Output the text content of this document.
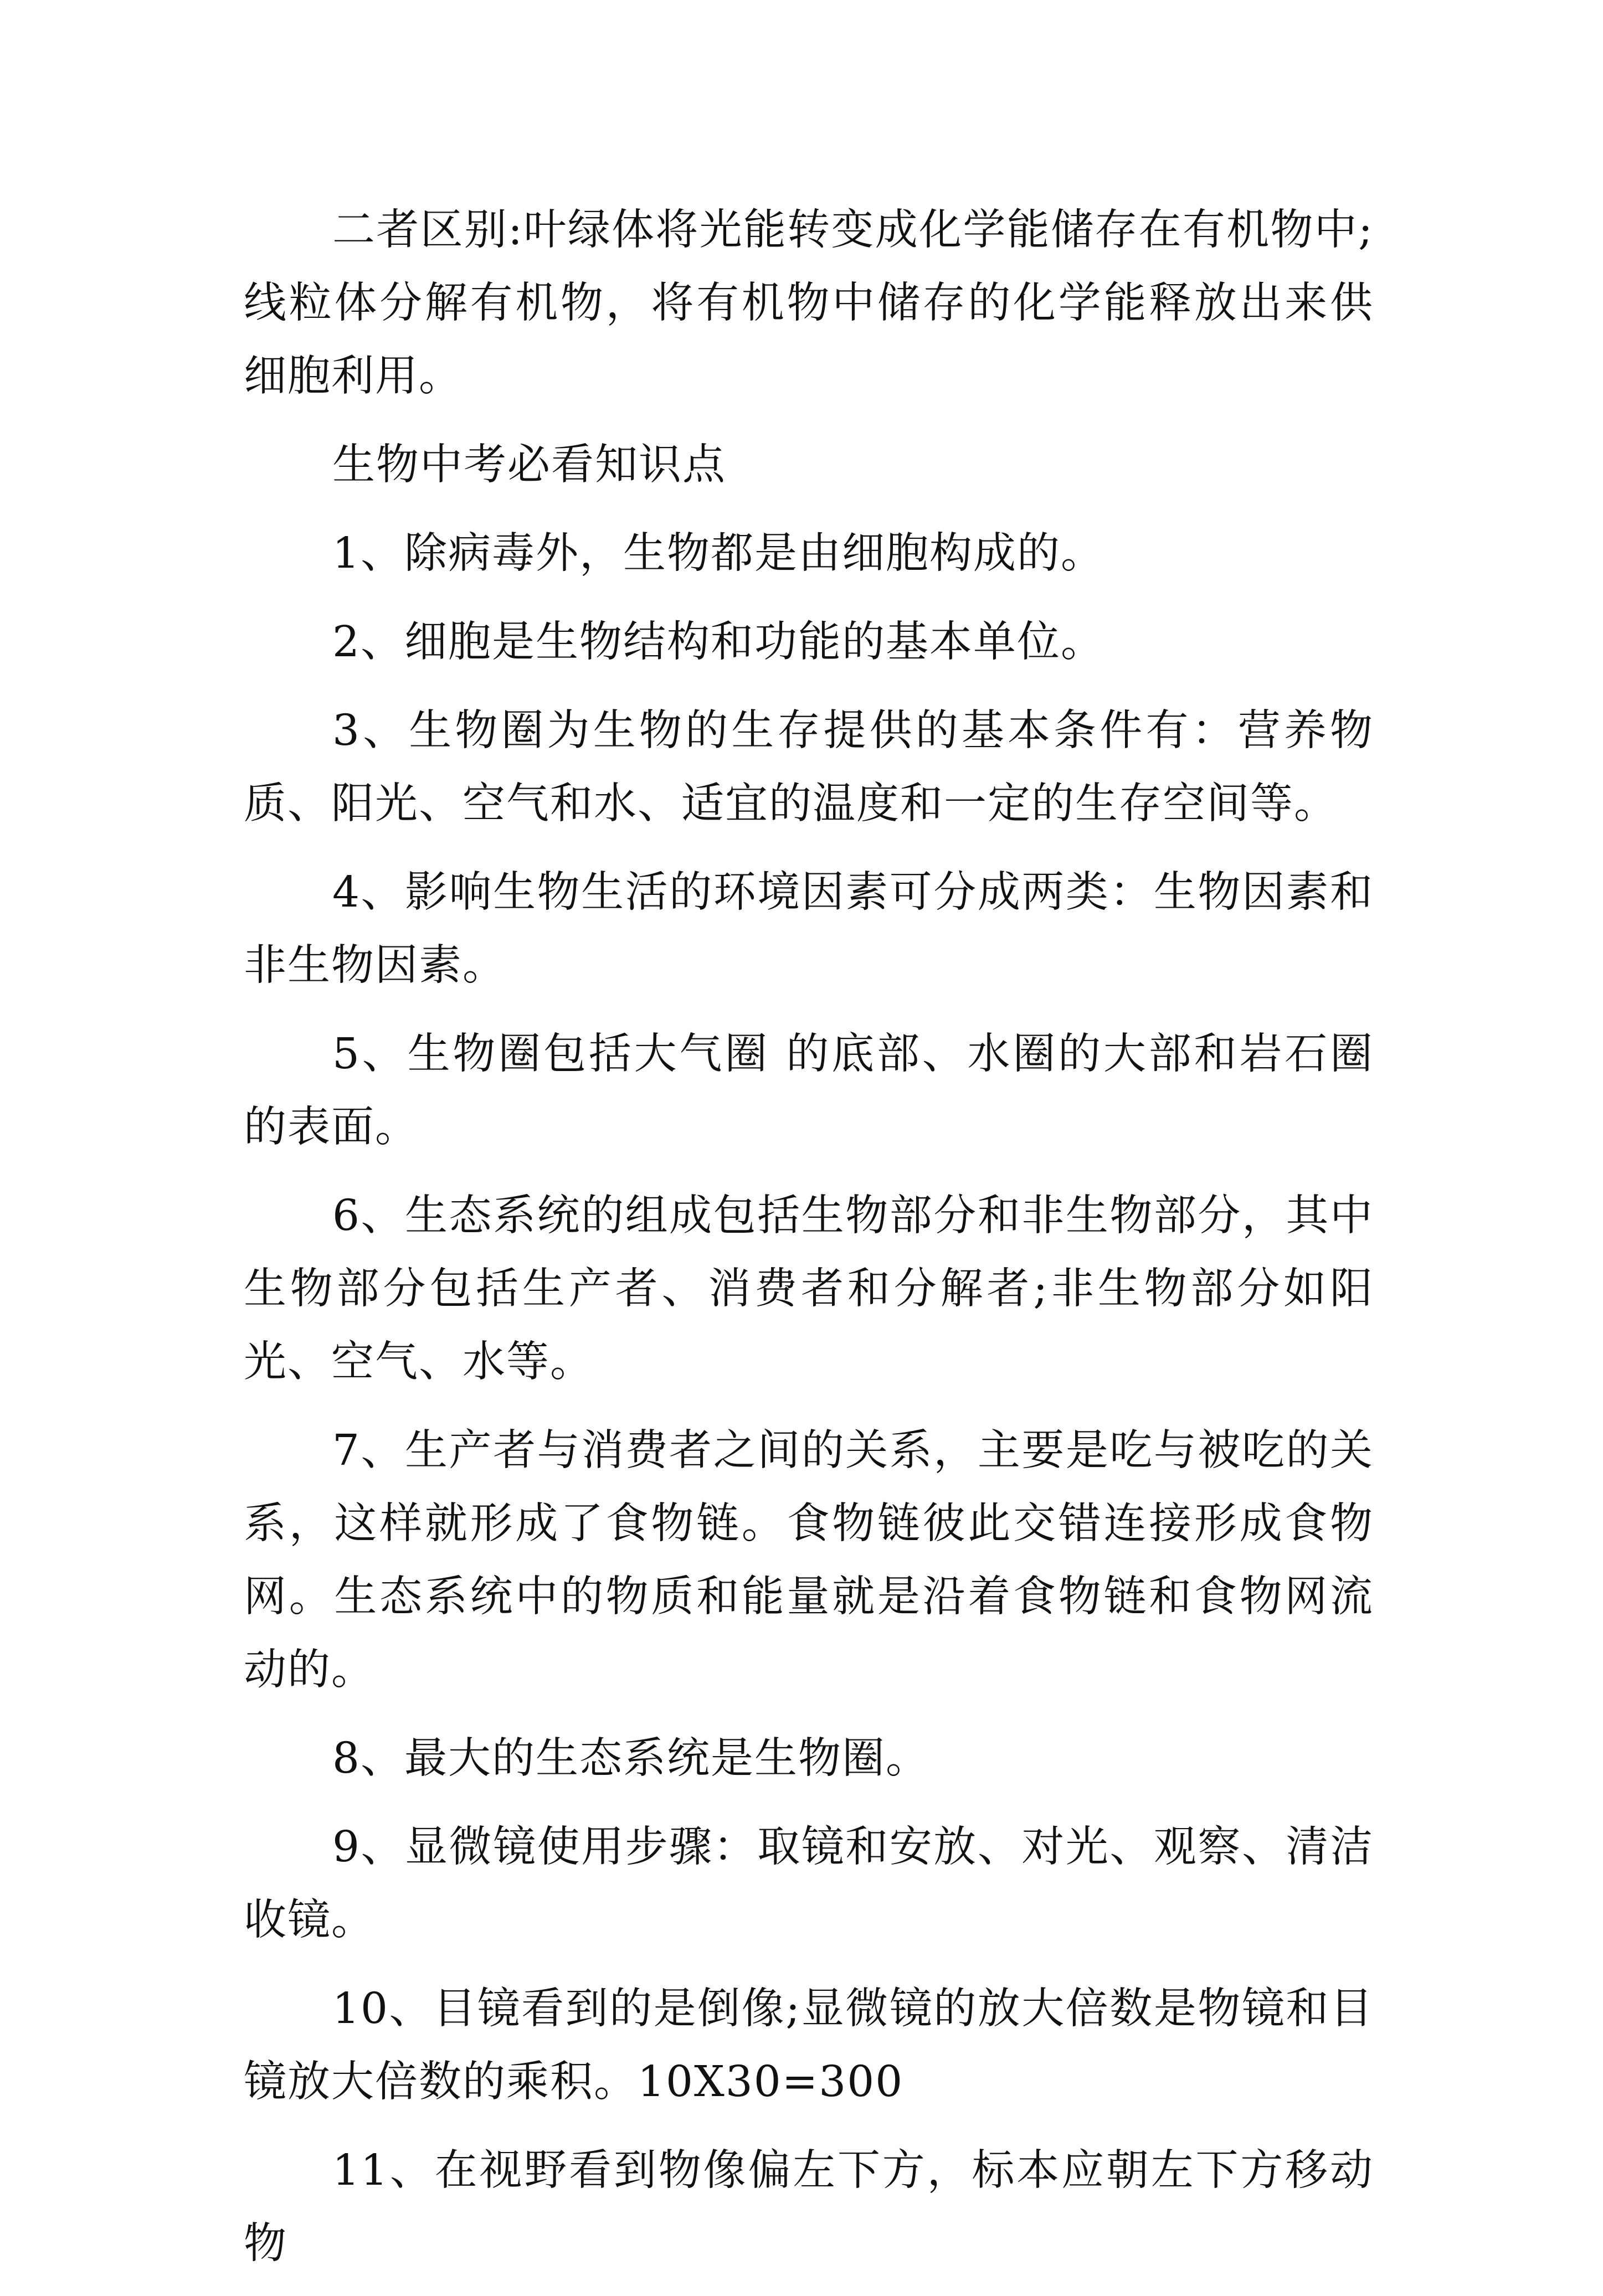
二者区别:叶绿体将光能转变成化学能储存在有机物中;线粒体分解有机物，将有机物中储存的化学能释放出来供细胞利用。

生物中考必看知识点

1、除病毒外，生物都是由细胞构成的。

2、细胞是生物结构和功能的基本单位。

3、生物圈为生物的生存提供的基本条件有：营养物质、阳光、空气和水、适宜的温度和一定的生存空间等。

4、影响生物生活的环境因素可分成两类：生物因素和非生物因素。

5、生物圈包括大气圈 的底部、水圈的大部和岩石圈的表面。

6、生态系统的组成包括生物部分和非生物部分，其中生物部分包括生产者、消费者和分解者;非生物部分如阳光、空气、水等。

7、生产者与消费者之间的关系，主要是吃与被吃的关系，这样就形成了食物链。食物链彼此交错连接形成食物网。生态系统中的物质和能量就是沿着食物链和食物网流动的。

8、最大的生态系统是生物圈。

9、显微镜使用步骤：取镜和安放、对光、观察、清洁收镜。

10、目镜看到的是倒像;显微镜的放大倍数是物镜和目镜放大倍数的乘积。10X30=300

11、在视野看到物像偏左下方，标本应朝左下方移动物
